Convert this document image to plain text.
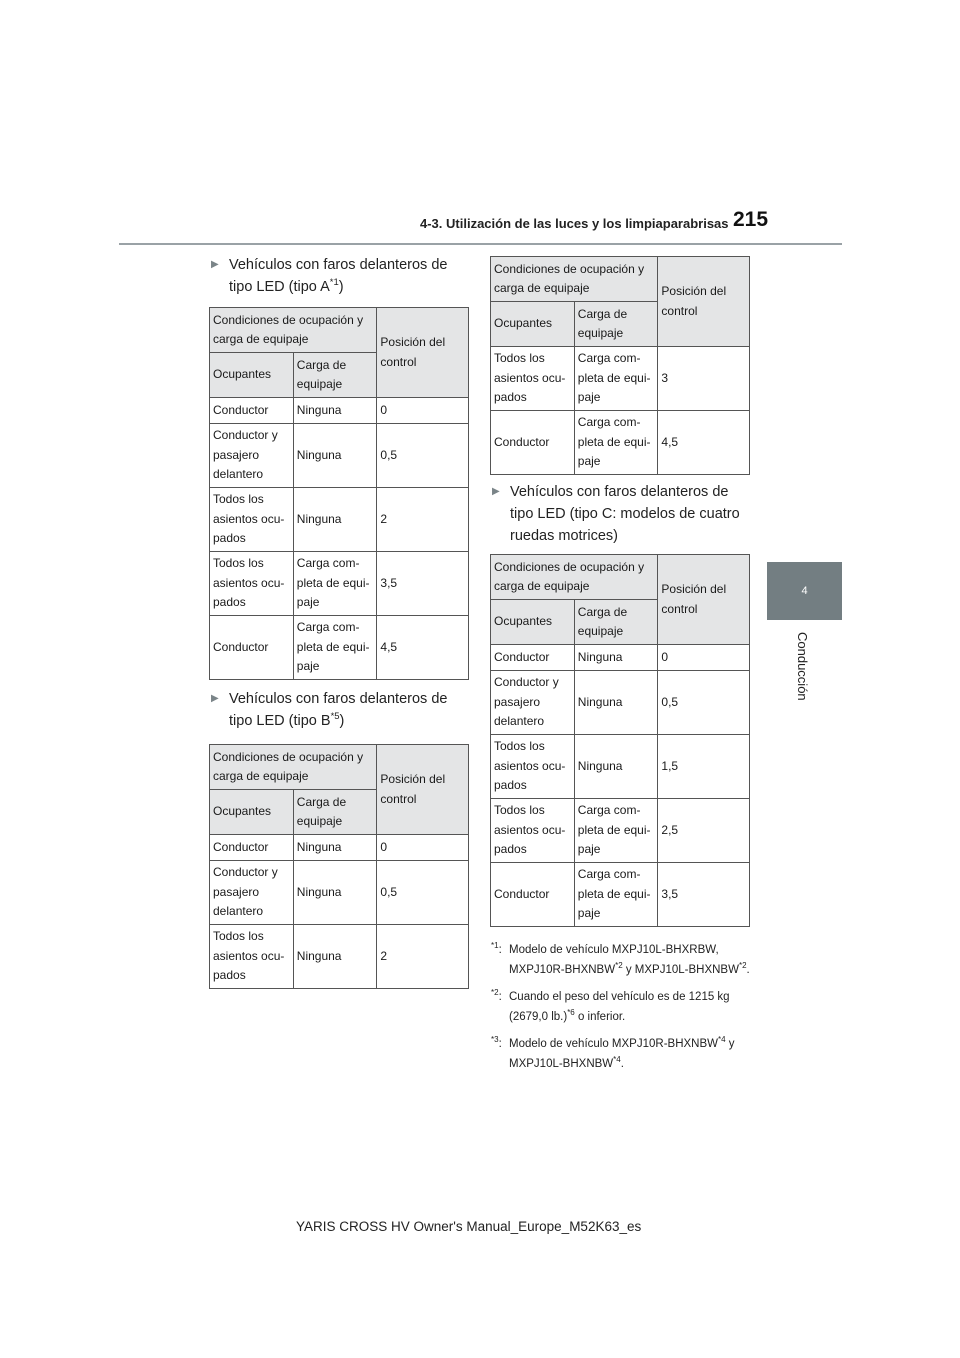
4-3. Utilización de las luces y los limpiaparabrisas 215
4
Conducción
▶ Vehículos con faros delanteros de tipo LED (tipo $A^{*1}$)
Condiciones de ocupación y carga de equipaje		Posición del control
Ocupantes	Carga de equipaje	
Conductor	Ninguna	0
Conductor y pasajero delantero	Ninguna	0,5
Todos los asientos ocu-pados	Ninguna	2
Todos los asientos ocu-pados	Carga com-pleta de equi-paje	3,5
Conductor	Carga com-pleta de equi-paje	4,5
▶ Vehículos con faros delanteros de tipo LED (tipo $B^{*5}$)
Condiciones de ocupación y carga de equipaje		Posición del control
Ocupantes	Carga de equipaje	
Conductor	Ninguna	0
Conductor y pasajero delantero	Ninguna	0,5
Todos los asientos ocu-pados	Ninguna	2
Condiciones de ocupación y carga de equipaje		Posición del control
Ocupantes	Carga de equipaje	
Todos los asientos ocu-pados	Carga com-pleta de equi-paje	3
Conductor	Carga com-pleta de equi-paje	4,5
▶ Vehículos con faros delanteros de tipo LED (tipo C: modelos de cuatro ruedas motrices)
Condiciones de ocupación y carga de equipaje		Posición del control
Ocupantes	Carga de equipaje	
Conductor	Ninguna	0
Conductor y pasajero delantero	Ninguna	0,5
Todos los asientos ocu-pados	Ninguna	1,5
Todos los asientos ocu-pados	Carga com-pleta de equi-paje	2,5
Conductor	Carga com-pleta de equi-paje	3,5
$^{*1}$: Modelo de vehículo MXPJ10L-BHXRBW, MXPJ10R-BHXNBW$^{*2}$ y MXPJ10L-BHXNBW$^{*2}$.
$^{*2}$: Cuando el peso del vehículo es de 1215 kg (2679,0 lb.)$^{*6}$ o inferior.
$^{*3}$: Modelo de vehículo MXPJ10R-BHXNBW$^{*4}$ y MXPJ10L-BHXNBW$^{*4}$.
YARIS CROSS HV Owner's Manual_Europe_M52K63_es
